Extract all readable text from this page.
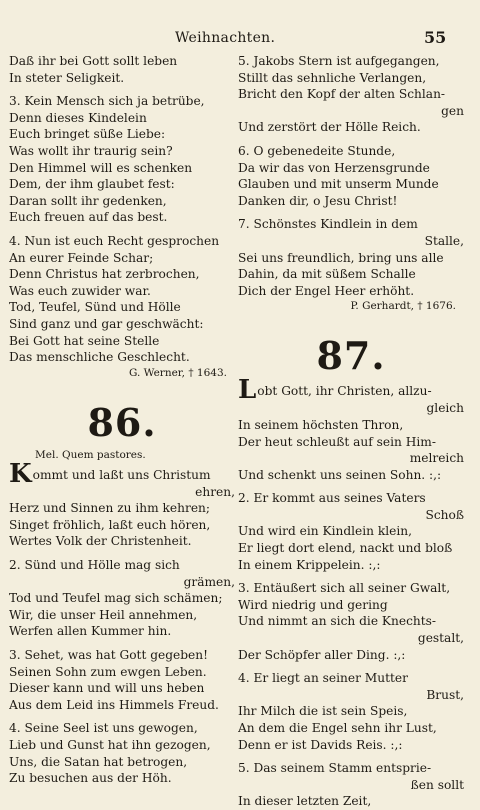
Weihnachten.	55
Daß ihr bei Gott sollt leben
In steter Seligkeit.
3. Kein Mensch sich ja betrübe,
Denn dieses Kindelein
Euch bringet süße Liebe:
Was wollt ihr traurig sein?
Den Himmel will es schenken
Dem, der ihm glaubet fest:
Daran sollt ihr gedenken,
Euch freuen auf das best.
4. Nun ist euch Recht gesprochen
An eurer Feinde Schar;
Denn Christus hat zerbrochen,
Was euch zuwider war.
Tod, Teufel, Sünd und Hölle
Sind ganz und gar geschwächt:
Bei Gott hat seine Stelle
Das menschliche Geschlecht.
G. Werner, † 1643.
86.
Mel. Quem pastores.
Kommt und laßt uns Christum
ehren,
Herz und Sinnen zu ihm kehren;
Singet fröhlich, laßt euch hören,
Wertes Volk der Christenheit.
2. Sünd und Hölle mag sich
grämen,
Tod und Teufel mag sich schämen;
Wir, die unser Heil annehmen,
Werfen allen Kummer hin.
3. Sehet, was hat Gott gegeben!
Seinen Sohn zum ewgen Leben.
Dieser kann und will uns heben
Aus dem Leid ins Himmels Freud.
4. Seine Seel ist uns gewogen,
Lieb und Gunst hat ihn gezogen,
Uns, die Satan hat betrogen,
Zu besuchen aus der Höh.
5. Jakobs Stern ist aufgegangen,
Stillt das sehnliche Verlangen,
Bricht den Kopf der alten Schlan-
gen
Und zerstört der Hölle Reich.
6. O gebenedeite Stunde,
Da wir das von Herzensgrunde
Glauben und mit unserm Munde
Danken dir, o Jesu Christ!
7. Schönstes Kindlein in dem
Stalle,
Sei uns freundlich, bring uns alle
Dahin, da mit süßem Schalle
Dich der Engel Heer erhöht.
P. Gerhardt, † 1676.
87.
Lobt Gott, ihr Christen, allzu-
gleich
In seinem höchsten Thron,
Der heut schleußt auf sein Him-
melreich
Und schenkt uns seinen Sohn. :,:
2. Er kommt aus seines Vaters
Schoß
Und wird ein Kindlein klein,
Er liegt dort elend, nackt und bloß
In einem Krippelein. :,:
3. Entäußert sich all seiner Gwalt,
Wird niedrig und gering
Und nimmt an sich die Knechts-
gestalt,
Der Schöpfer aller Ding. :,:
4. Er liegt an seiner Mutter
Brust,
Ihr Milch die ist sein Speis,
An dem die Engel sehn ihr Lust,
Denn er ist Davids Reis. :,:
5. Das seinem Stamm entsprie-
ßen sollt
In dieser letzten Zeit,
